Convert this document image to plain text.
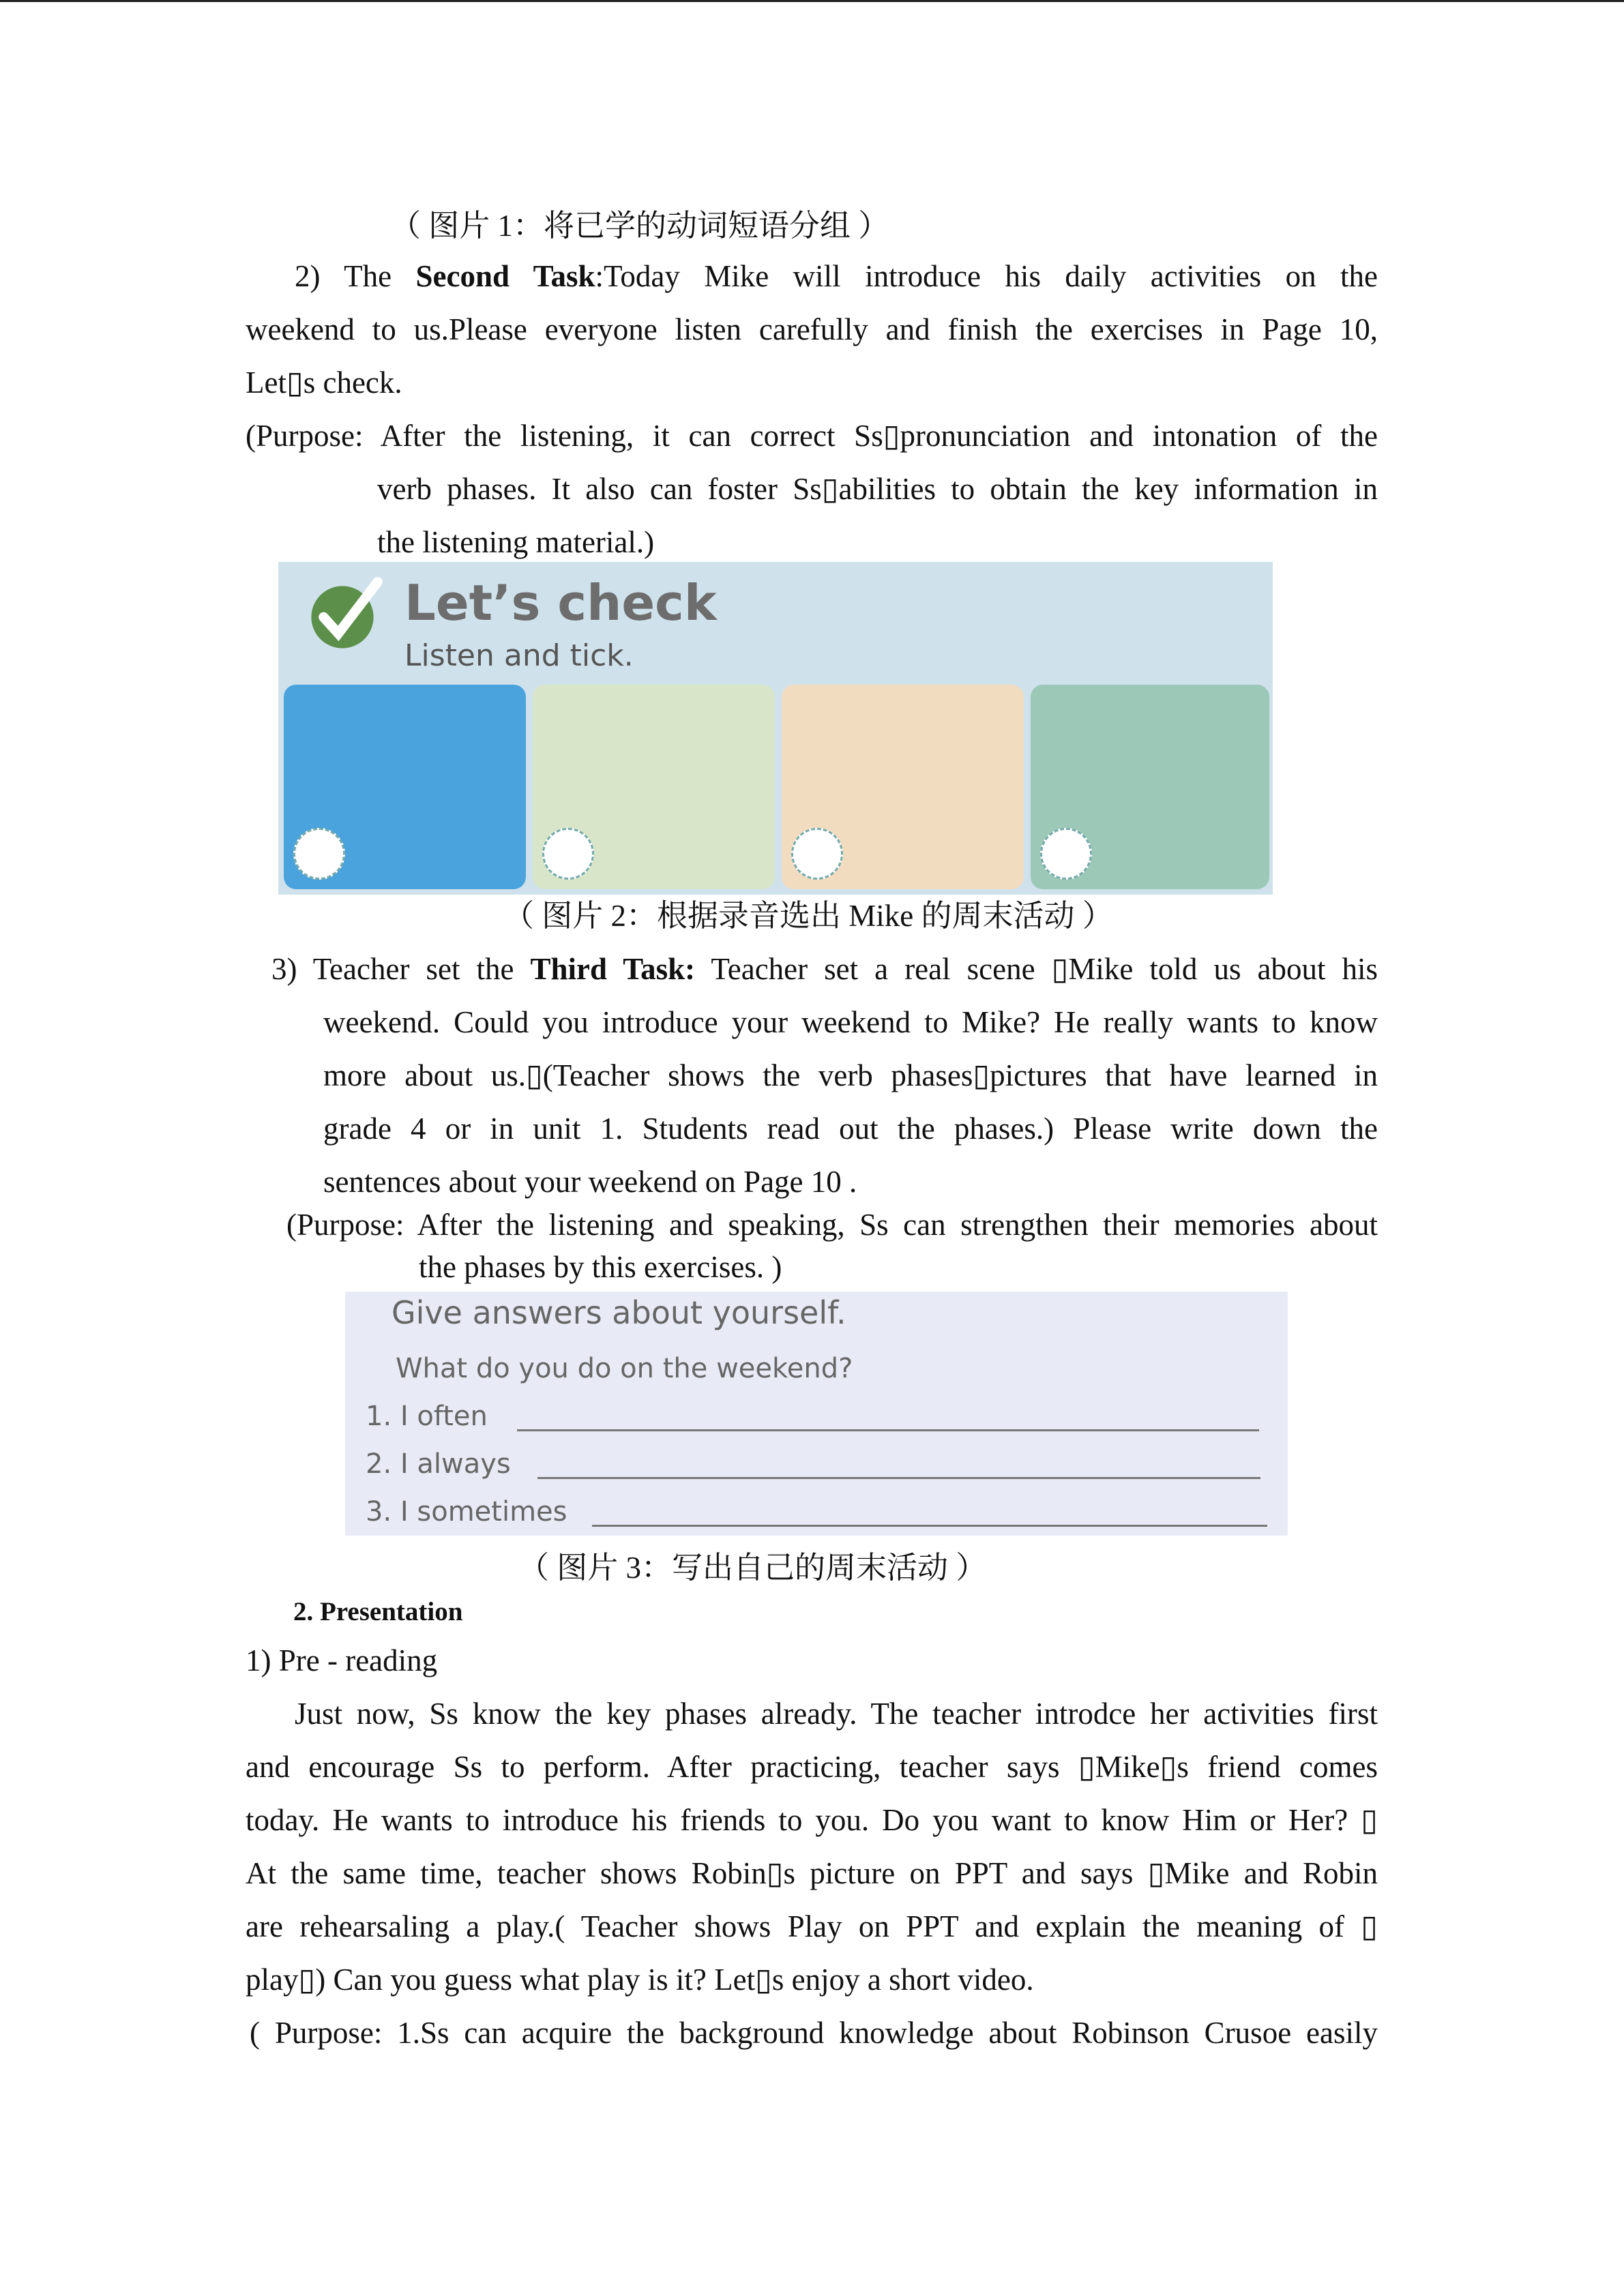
（ 图片 1：将已学的动词短语分组 ）
2) The Second Task:Today Mike will introduce his daily activities on the
weekend to us.Please everyone listen carefully and finish the exercises in Page 10,
Let▯s check.
(Purpose: After the listening, it can correct Ss▯pronunciation and intonation of the
verb phases. It also can foster Ss▯abilities to obtain the key information in
the listening material.)
Let’s check
Listen and tick.
（ 图片 2：根据录音选出 Mike 的周末活动 ）
3) Teacher set the Third Task: Teacher set a real scene ▯Mike told us about his
weekend. Could you introduce your weekend to Mike? He really wants to know
more about us.▯(Teacher shows the verb phases▯pictures that have learned in
grade 4 or in unit 1. Students read out the phases.) Please write down the
sentences about your weekend on Page 10 .
(Purpose: After the listening and speaking, Ss can strengthen their memories about
the phases by this exercises. )
Give answers about yourself.
What do you do on the weekend?
1. I often
2. I always
3. I sometimes
（ 图片 3：写出自己的周末活动 ）
2. Presentation
1) Pre - reading
Just now, Ss know the key phases already. The teacher introdce her activities first
and encourage Ss to perform. After practicing, teacher says ▯Mike▯s friend comes
today. He wants to introduce his friends to you. Do you want to know Him or Her? ▯
At the same time, teacher shows Robin▯s picture on PPT and says ▯Mike and Robin
are rehearsaling a play.( Teacher shows Play on PPT and explain the meaning of ▯
play▯) Can you guess what play is it? Let▯s enjoy a short video.
( Purpose: 1.Ss can acquire the background knowledge about Robinson Crusoe easily
